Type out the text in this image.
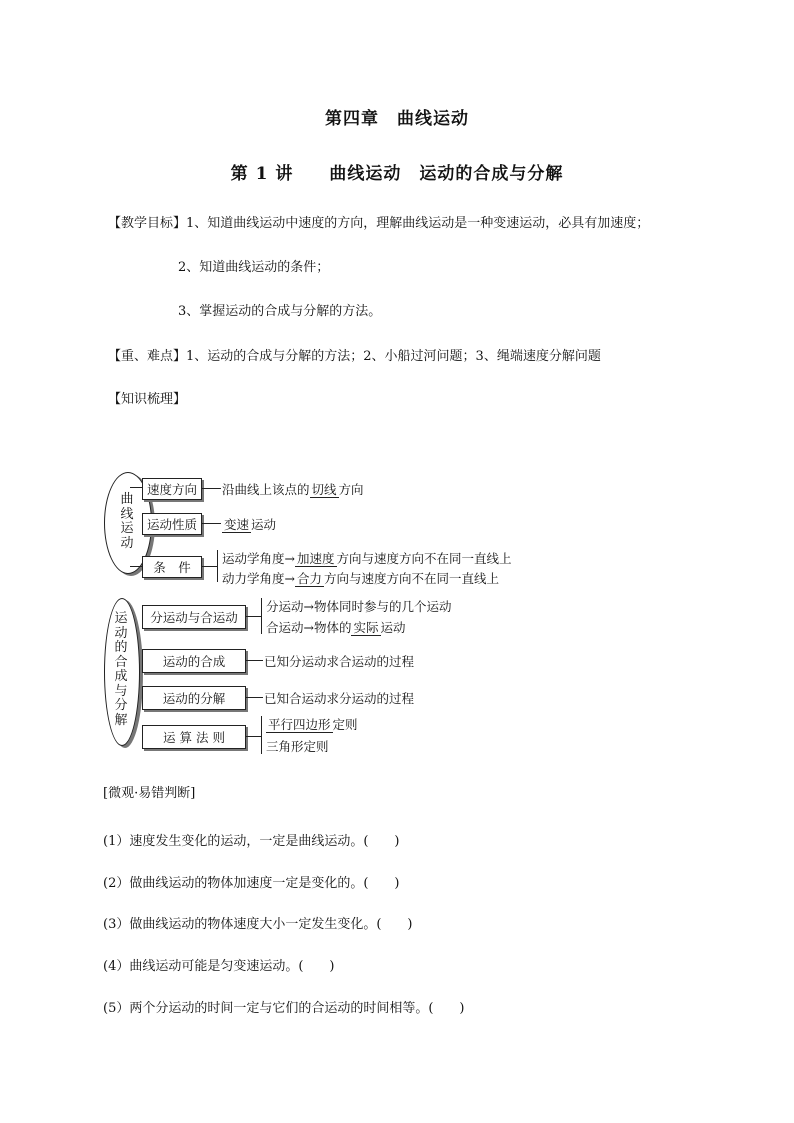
第四章　曲线运动
第 1 讲　　曲线运动　运动的合成与分解
【教学目标】1、知道曲线运动中速度的方向，理解曲线运动是一种变速运动，必具有加速度；
2、知道曲线运动的条件；
3、掌握运动的合成与分解的方法。
【重、难点】1、运动的合成与分解的方法；2、小船过河问题；3、绳端速度分解问题
【知识梳理】
曲线运动
速度方向	沿曲线上该点的 切线 方向
运动性质	变速 运动
条　件
运动学角度→ 加速度 方向与速度方向不在同一直线上
动力学角度→ 合力 方向与速度方向不在同一直线上
运动的合成与分解
分运动与合运动
分运动→物体同时参与的几个运动
合运动→物体的 实际 运动
运动的合成	已知分运动求合运动的过程
运动的分解	已知合运动求分运动的过程
运 算 法 则
平行四边形 定则
三角形定则
[微观·易错判断]
(1）速度发生变化的运动，一定是曲线运动。(　　)
(2）做曲线运动的物体加速度一定是变化的。(　　)
(3）做曲线运动的物体速度大小一定发生变化。(　　)
(4）曲线运动可能是匀变速运动。(　　)
(5）两个分运动的时间一定与它们的合运动的时间相等。(　　)
